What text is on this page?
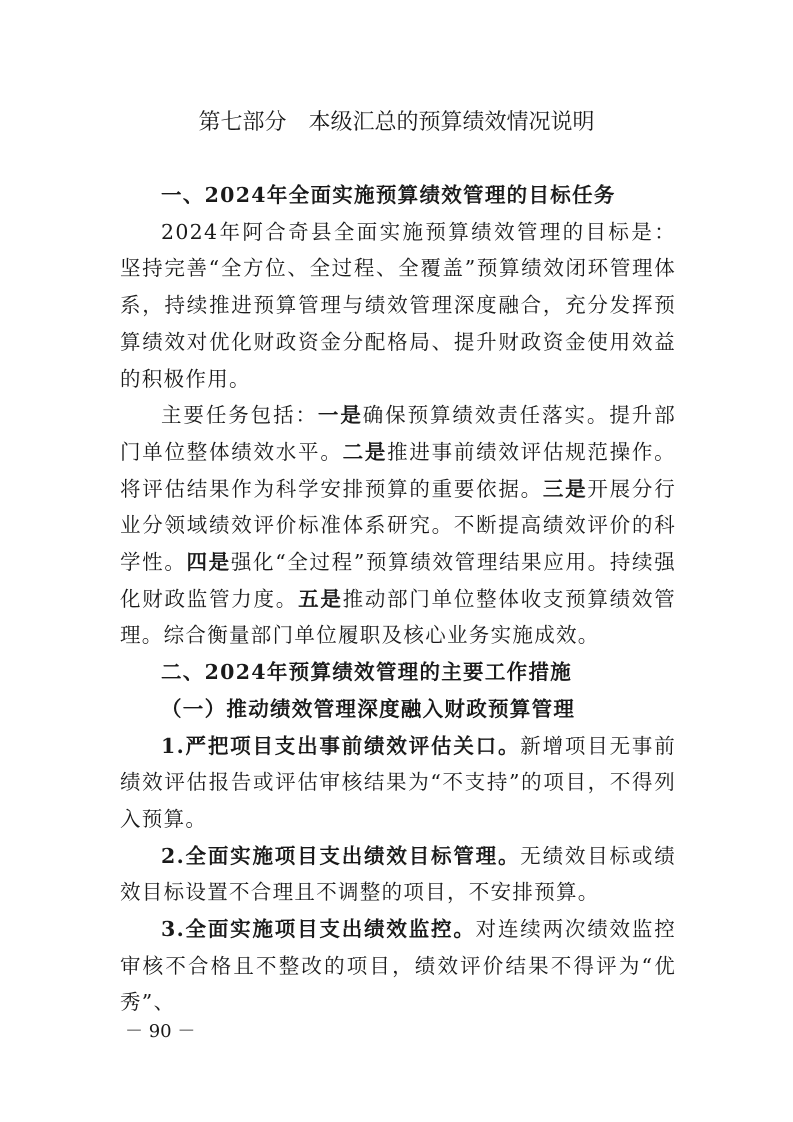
第七部分　本级汇总的预算绩效情况说明

一、2024年全面实施预算绩效管理的目标任务

2024年阿合奇县全面实施预算绩效管理的目标是：坚持完善“全方位、全过程、全覆盖”预算绩效闭环管理体系，持续推进预算管理与绩效管理深度融合，充分发挥预算绩效对优化财政资金分配格局、提升财政资金使用效益的积极作用。

主要任务包括：一是确保预算绩效责任落实。提升部门单位整体绩效水平。二是推进事前绩效评估规范操作。将评估结果作为科学安排预算的重要依据。三是开展分行业分领域绩效评价标准体系研究。不断提高绩效评价的科学性。四是强化“全过程”预算绩效管理结果应用。持续强化财政监管力度。五是推动部门单位整体收支预算绩效管理。综合衡量部门单位履职及核心业务实施成效。

二、2024年预算绩效管理的主要工作措施

（一）推动绩效管理深度融入财政预算管理

1.严把项目支出事前绩效评估关口。新增项目无事前绩效评估报告或评估审核结果为“不支持”的项目，不得列入预算。

2.全面实施项目支出绩效目标管理。无绩效目标或绩效目标设置不合理且不调整的项目，不安排预算。

3.全面实施项目支出绩效监控。对连续两次绩效监控审核不合格且不整改的项目，绩效评价结果不得评为“优秀”、

－ 90 －
